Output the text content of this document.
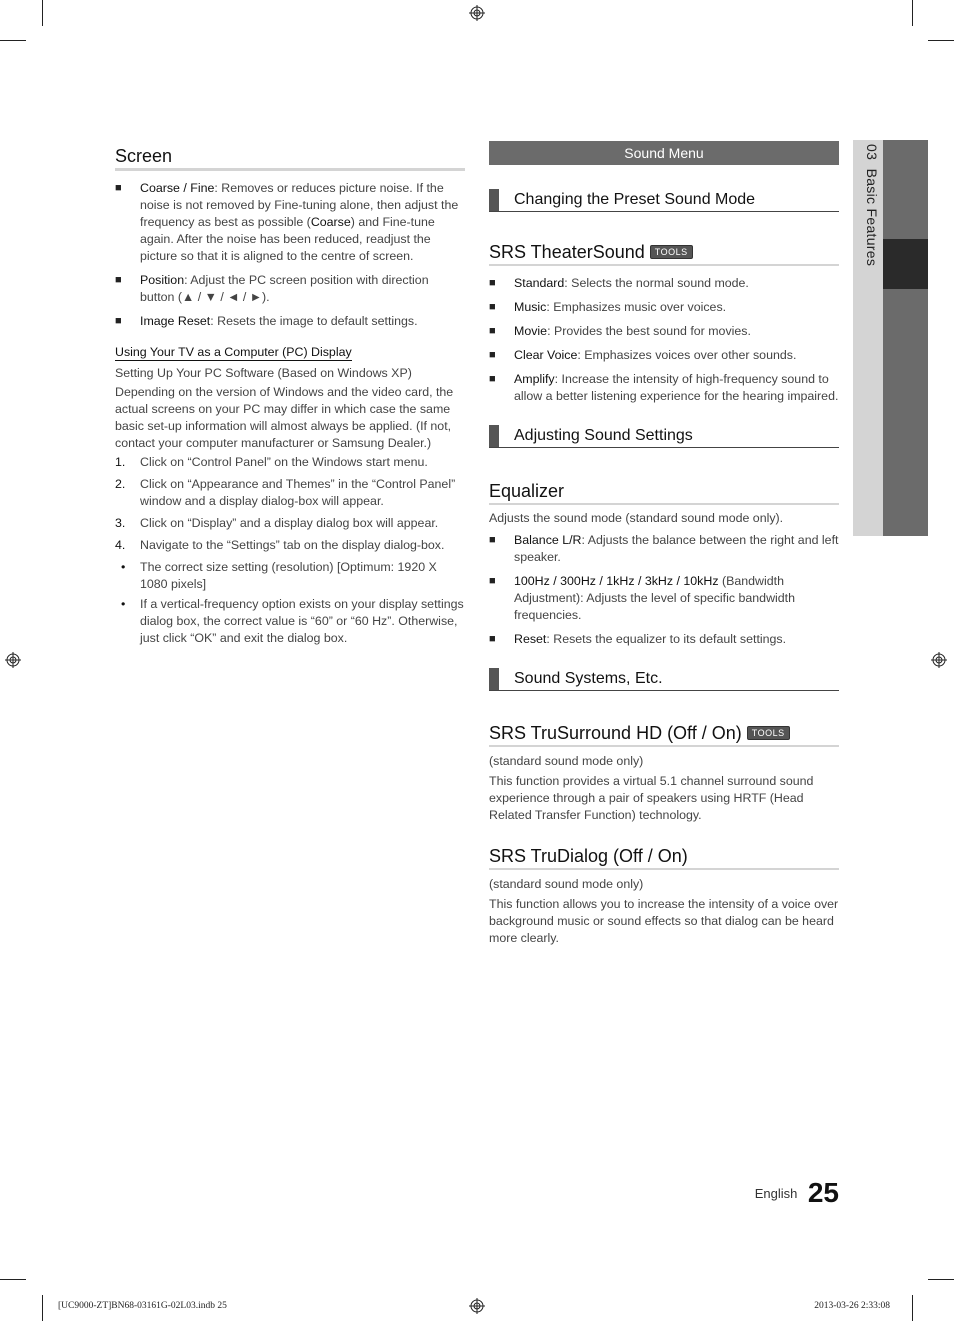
Screen
■ Coarse / Fine: Removes or reduces picture noise. If the noise is not removed by Fine-tuning alone, then adjust the frequency as best as possible (Coarse) and Fine-tune again. After the noise has been reduced, readjust the picture so that it is aligned to the centre of screen.
■ Position: Adjust the PC screen position with direction button (▲ / ▼ / ◄ / ►).
■ Image Reset: Resets the image to default settings.
Using Your TV as a Computer (PC) Display
Setting Up Your PC Software (Based on Windows XP)
Depending on the version of Windows and the video card, the actual screens on your PC may differ in which case the same basic set-up information will almost always be applied. (If not, contact your computer manufacturer or Samsung Dealer.)
1. Click on “Control Panel” on the Windows start menu.
2. Click on “Appearance and Themes” in the “Control Panel” window and a display dialog-box will appear.
3. Click on “Display” and a display dialog box will appear.
4. Navigate to the “Settings” tab on the display dialog-box.
• The correct size setting (resolution) [Optimum: 1920 X 1080 pixels]
• If a vertical-frequency option exists on your display settings dialog box, the correct value is “60” or “60 Hz”. Otherwise, just click “OK” and exit the dialog box.
Sound Menu
Changing the Preset Sound Mode
SRS TheaterSound TOOLS
■ Standard: Selects the normal sound mode.
■ Music: Emphasizes music over voices.
■ Movie: Provides the best sound for movies.
■ Clear Voice: Emphasizes voices over other sounds.
■ Amplify: Increase the intensity of high-frequency sound to allow a better listening experience for the hearing impaired.
Adjusting Sound Settings
Equalizer
Adjusts the sound mode (standard sound mode only).
■ Balance L/R: Adjusts the balance between the right and left speaker.
■ 100Hz / 300Hz / 1kHz / 3kHz / 10kHz (Bandwidth Adjustment): Adjusts the level of specific bandwidth frequencies.
■ Reset: Resets the equalizer to its default settings.
Sound Systems, Etc.
SRS TruSurround HD (Off / On) TOOLS
(standard sound mode only)
This function provides a virtual 5.1 channel surround sound experience through a pair of speakers using HRTF (Head Related Transfer Function) technology.
SRS TruDialog (Off / On)
(standard sound mode only)
This function allows you to increase the intensity of a voice over background music or sound effects so that dialog can be heard more clearly.
03  Basic Features
$^{English}$ 25
[UC9000-ZT]BN68-03161G-02L03.indb 25	2013-03-26 2:33:08
